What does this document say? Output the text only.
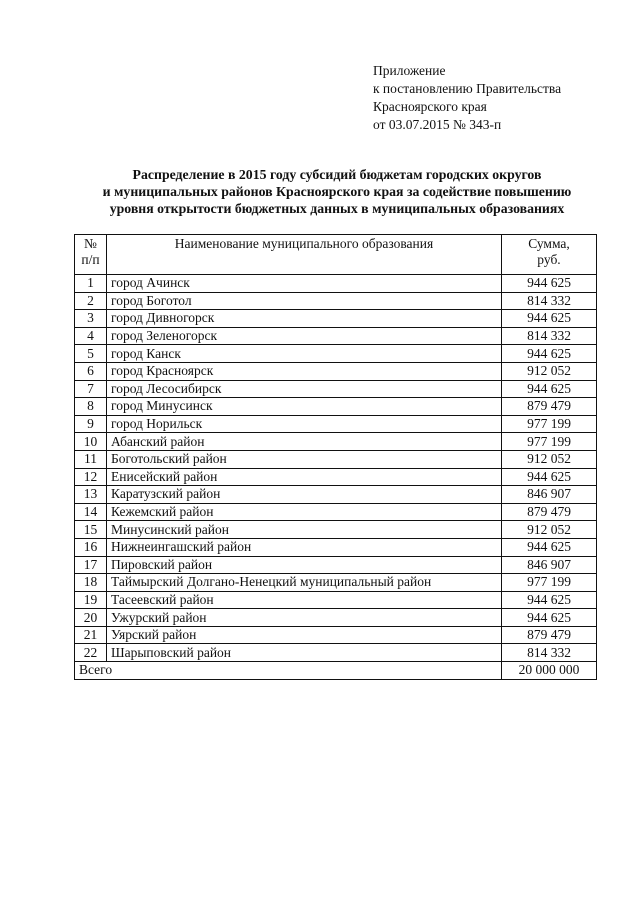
Приложение
к постановлению Правительства
Красноярского края
от 03.07.2015 № 343-п
Распределение в 2015 году субсидий бюджетам городских округов
и муниципальных районов Красноярского края за содействие повышению
уровня открытости бюджетных данных в муниципальных образованиях
№
п/п	Наименование муниципального образования	Сумма,
руб.

1	город Ачинск	944 625
2	город Боготол	814 332
3	город Дивногорск	944 625
4	город Зеленогорск	814 332
5	город Канск	944 625
6	город Красноярск	912 052
7	город Лесосибирск	944 625
8	город Минусинск	879 479
9	город Норильск	977 199
10	Абанский район	977 199
11	Боготольский район	912 052
12	Енисейский район	944 625
13	Каратузский район	846 907
14	Кежемский район	879 479
15	Минусинский район	912 052
16	Нижнеингашский район	944 625
17	Пировский район	846 907
18	Таймырский Долгано-Ненецкий муниципальный район	977 199
19	Тасеевский район	944 625
20	Ужурский район	944 625
21	Уярский район	879 479
22	Шарыповский район	814 332
Всего		20 000 000
